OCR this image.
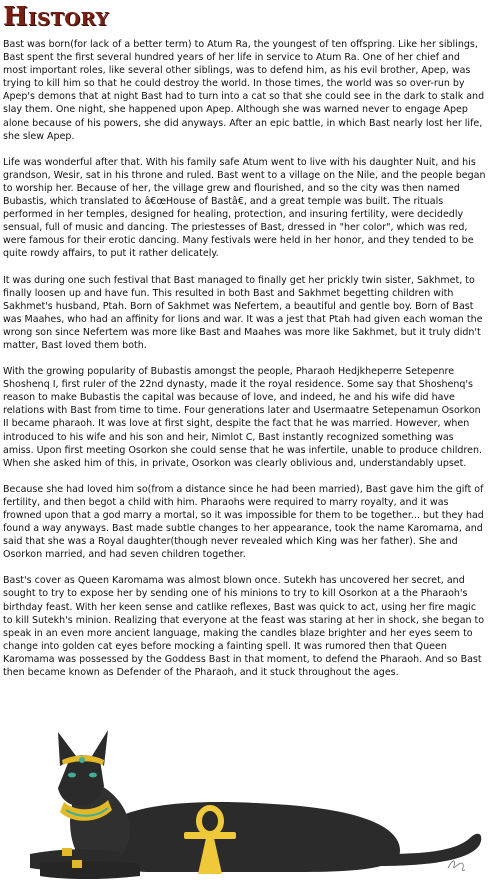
History

Bast was born(for lack of a better term) to Atum Ra, the youngest of ten offspring. Like her siblings, Bast spent the first several hundred years of her life in service to Atum Ra. One of her chief and most important roles, like several other siblings, was to defend him, as his evil brother, Apep, was trying to kill him so that he could destroy the world. In those times, the world was so over-run by Apep's demons that at night Bast had to turn into a cat so that she could see in the dark to stalk and slay them. One night, she happened upon Apep. Although she was warned never to engage Apep alone because of his powers, she did anyways. After an epic battle, in which Bast nearly lost her life, she slew Apep.

Life was wonderful after that. With his family safe Atum went to live with his daughter Nuit, and his grandson, Wesir, sat in his throne and ruled. Bast went to a village on the Nile, and the people began to worship her. Because of her, the village grew and flourished, and so the city was then named Bubastis, which translated to â€œHouse of Bastâ€, and a great temple was built. The rituals performed in her temples, designed for healing, protection, and insuring fertility, were decidedly sensual, full of music and dancing. The priestesses of Bast, dressed in "her color", which was red, were famous for their erotic dancing. Many festivals were held in her honor, and they tended to be quite rowdy affairs, to put it rather delicately.

It was during one such festival that Bast managed to finally get her prickly twin sister, Sakhmet, to finally loosen up and have fun. This resulted in both Bast and Sakhmet begetting children with Sakhmet's husband, Ptah. Born of Sakhmet was Nefertem, a beautiful and gentle boy. Born of Bast was Maahes, who had an affinity for lions and war. It was a jest that Ptah had given each woman the wrong son since Nefertem was more like Bast and Maahes was more like Sakhmet, but it truly didn't matter, Bast loved them both.

With the growing popularity of Bubastis amongst the people, Pharaoh Hedjkheperre Setepenre Shoshenq I, first ruler of the 22nd dynasty, made it the royal residence. Some say that Shoshenq's reason to make Bubastis the capital was because of love, and indeed, he and his wife did have relations with Bast from time to time. Four generations later and Usermaatre Setepenamun Osorkon II became pharaoh. It was love at first sight, despite the fact that he was married. However, when introduced to his wife and his son and heir, Nimlot C, Bast instantly recognized something was amiss. Upon first meeting Osorkon she could sense that he was infertile, unable to produce children. When she asked him of this, in private, Osorkon was clearly oblivious and, understandably upset.

Because she had loved him so(from a distance since he had been married), Bast gave him the gift of fertility, and then begot a child with him. Pharaohs were required to marry royalty, and it was frowned upon that a god marry a mortal, so it was impossible for them to be together... but they had found a way anyways. Bast made subtle changes to her appearance, took the name Karomama, and said that she was a Royal daughter(though never revealed which King was her father). She and Osorkon married, and had seven children together.

Bast's cover as Queen Karomama was almost blown once. Sutekh has uncovered her secret, and sought to try to expose her by sending one of his minions to try to kill Osorkon at a the Pharaoh's birthday feast. With her keen sense and catlike reflexes, Bast was quick to act, using her fire magic to kill Sutekh's minion. Realizing that everyone at the feast was staring at her in shock, she began to speak in an even more ancient language, making the candles blaze brighter and her eyes seem to change into golden cat eyes before mocking a fainting spell. It was rumored then that Queen Karomama was possessed by the Goddess Bast in that moment, to defend the Pharaoh. And so Bast then became known as Defender of the Pharaoh, and it stuck throughout the ages.
